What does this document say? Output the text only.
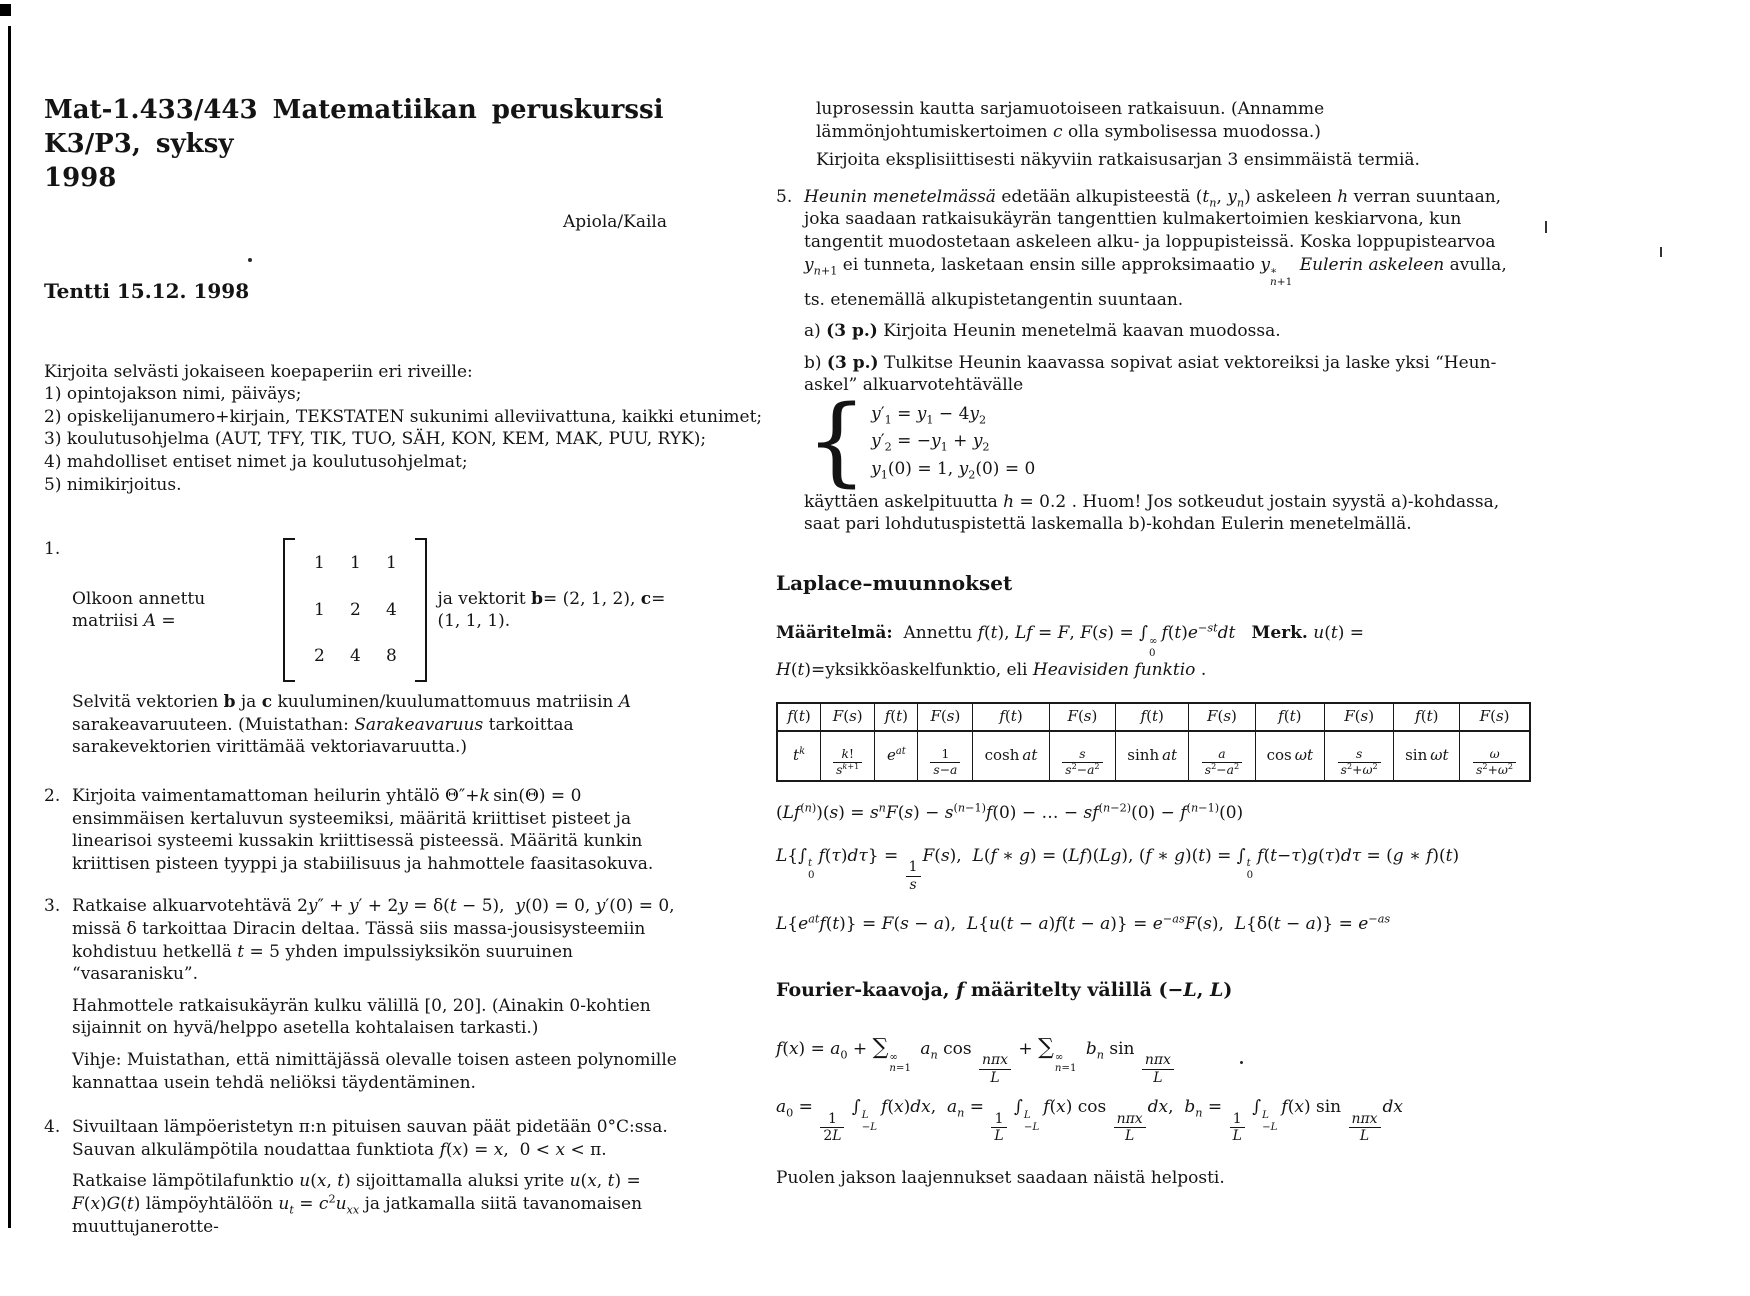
Mat-1.433/443 Matematiikan peruskurssi K3/P3, syksy
1998

Apiola/Kaila

Tentti 15.12. 1998

Kirjoita selvästi jokaiseen koepaperiin eri riveille:
1) opintojakson nimi, päiväys;
2) opiskelijanumero+kirjain, TEKSTATEN sukunimi alleviivattuna, kaikki etunimet;
3) koulutusohjelma (AUT, TFY, TIK, TUO, SÄH, KON, KEM, MAK, PUU, RYK);
4) mahdolliset entiset nimet ja koulutusohjelmat;
5) nimikirjoitus.
1.
Olkoon annettu matriisi A =
1 1 1
1 2 4
2 4 8
ja vektorit b= (2, 1, 2), c= (1, 1, 1).
Selvitä vektorien b ja c kuuluminen/kuulumattomuus matriisin A sarakeavaruuteen. (Muistathan: Sarakeavaruus tarkoittaa sarakevektorien virittämää vektoriavaruutta.)
2. Kirjoita vaimentamattoman heilurin yhtälö Θ″+k sin(Θ) = 0 ensimmäisen kertaluvun systeemiksi, määritä kriittiset pisteet ja linearisoi systeemi kussakin kriittisessä pisteessä. Määritä kunkin kriittisen pisteen tyyppi ja stabiilisuus ja hahmottele faasitasokuva.
3. Ratkaise alkuarvotehtävä 2y″ + y′ + 2y = δ(t − 5),  y(0) = 0, y′(0) = 0, missä δ tarkoittaa Diracin deltaa. Tässä siis massa-jousisysteemiin kohdistuu hetkellä t = 5 yhden impulssiyksikön suuruinen “vasaranisku”.
Hahmottele ratkaisukäyrän kulku välillä [0, 20]. (Ainakin 0-kohtien sijainnit on hyvä/helppo asetella kohtalaisen tarkasti.)
Vihje: Muistathan, että nimittäjässä olevalle toisen asteen polynomille kannattaa usein tehdä neliöksi täydentäminen.
4. Sivuiltaan lämpöeristetyn π:n pituisen sauvan päät pidetään 0°C:ssa. Sauvan alkulämpötila noudattaa funktiota f(x) = x,  0 < x < π.
Ratkaise lämpötilafunktio u(x, t) sijoittamalla aluksi yrite u(x, t) = F(x)G(t) lämpöyhtälöön $u_t = c^2u_{xx}$ ja jatkamalla siitä tavanomaisen muuttujanerotte-
luprosessin kautta sarjamuotoiseen ratkaisuun. (Annamme lämmönjohtumiskertoimen c olla symbolisessa muodossa.)
Kirjoita eksplisiittisesti näkyviin ratkaisusarjan 3 ensimmäistä termiä.
5. Heunin menetelmässä edetään alkupisteestä ($t_n$, $y_n$) askeleen h verran suuntaan, joka saadaan ratkaisukäyrän tangenttien kulmakertoimien keskiarvona, kun tangentit muodostetaan askeleen alku- ja loppupisteissä. Koska loppupistearvoa $y_{n+1}$ ei tunneta, lasketaan ensin sille approksimaatio y ∗
n+1
Eulerin askeleen avulla, ts. etenemällä alkupistetangentin suuntaan.
a) (3 p.) Kirjoita Heunin menetelmä kaavan muodossa.
b) (3 p.) Tulkitse Heunin kaavassa sopivat asiat vektoreiksi ja laske yksi “Heun-askel” alkuarvotehtävälle
{ $y'_1 = y_1 - 4y_2$
$y'_2 = -y_1 + y_2$
$y_1(0) = 1$, $y_2(0) = 0$
käyttäen askelpituutta h = 0.2 . Huom! Jos sotkeudut jostain syystä a)-kohdassa, saat pari lohdutuspistettä laskemalla b)-kohdan Eulerin menetelmällä.
Laplace–muunnokset
Määritelmä:  Annettu f(t), Lf = F, F(s) = ∫ ∞
0
$f(t)e^{-st}dt$ Merk. u(t) = H(t)=yksikköaskelfunktio, eli Heavisiden funktio .
f(t)	F(s)	f(t)	F(s)	f(t)	F(s)	f(t)	F(s)	f(t)	F(s)	f(t)	F(s)
$t^k$	$\frac{k!}{s^{k+1}}$	$e^{at}$	$\frac{1}{s-a}$	cosh at	$\frac{s}{s^2-a^2}$	sinh at	$\frac{a}{s^2-a^2}$	cos ωt	$\frac{s}{s^2+\omega^2}$	sin ωt	$\frac{\omega}{s^2+\omega^2}$
$(Lf^{(n)})(s) = s^nF(s) - s^{(n-1)}f(0)$ − … − $sf^{(n-2)}(0) - f^{(n-1)}(0)$
L{∫ t
0
f(τ)dτ} =
$\frac{1}{s}$
F(s),  L(f ∗ g) = (Lf)(Lg), (f ∗ g)(t) = ∫ t
0
f(t−τ)g(τ)dτ = (g ∗ f)(t)
$L\{e^{at}f(t)\} = F(s - a)$,  $L\{u(t - a)f(t - a)\} = e^{-as}F(s)$,  $L\{\delta(t - a)\} = e^{-as}$
Fourier-kaavoja, f määritelty välillä (−L, L)
$f(x) = a_0$ + ∑ ∞
n=1
$a_n$ cos
$\frac{\text{nπx}}{L}$
+ ∑ ∞
n=1
$b_n$ sin
$\frac{\text{nπx}}{L}$
$a_0$ =
$\frac{1}{2L}$
∫ L
−L
f(x)dx,  $a_n$ =
$\frac{1}{L}$
∫ L
−L
f(x) cos
$\frac{\text{nπx}}{L}$
dx,  $b_n$ =
$\frac{1}{L}$
∫ L
−L
f(x) sin
$\frac{\text{nπx}}{L}$
dx
Puolen jakson laajennukset saadaan näistä helposti.
